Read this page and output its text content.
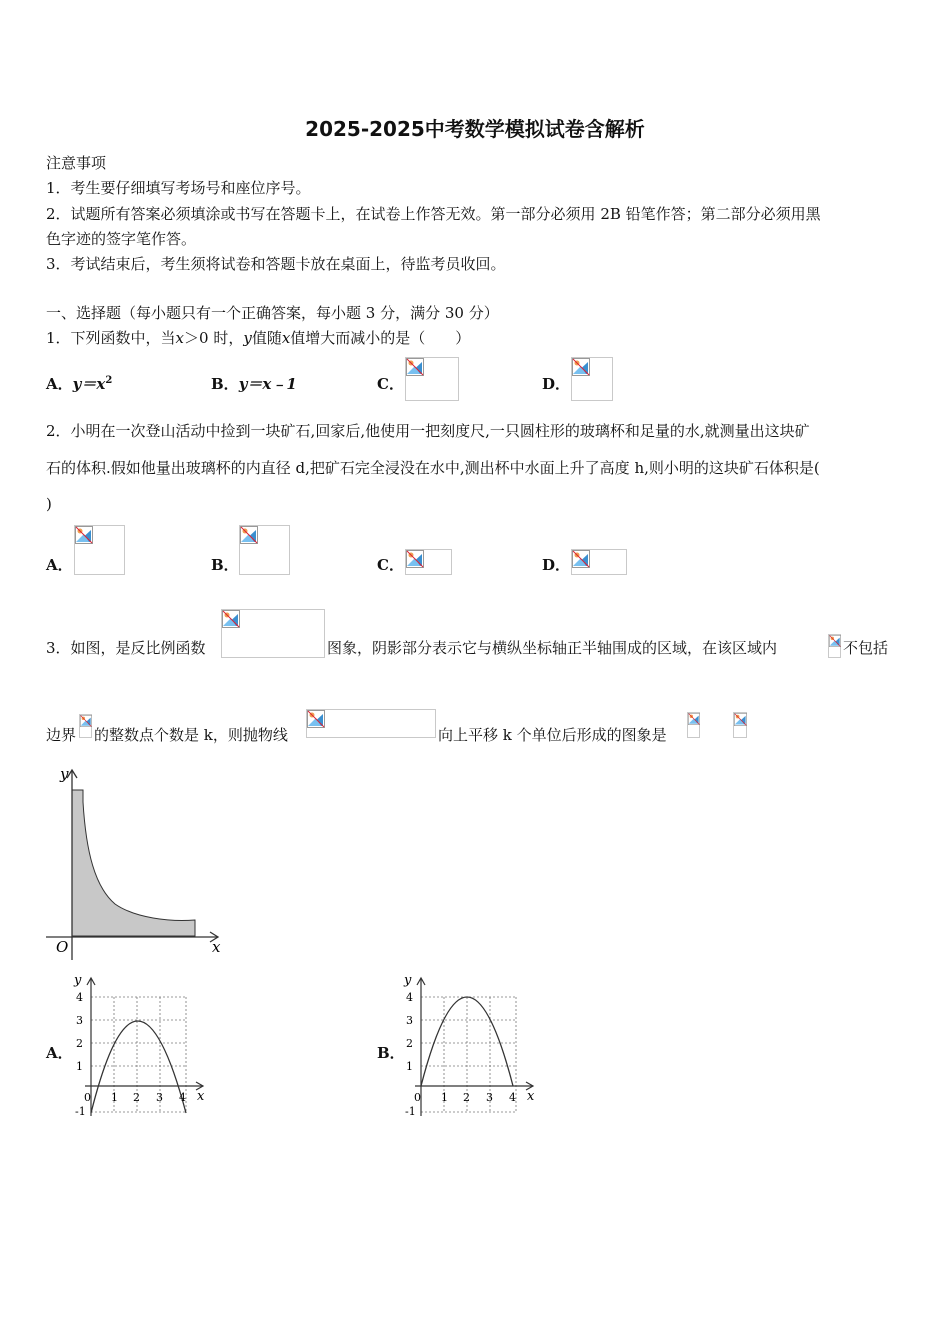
2025-2025中考数学模拟试卷含解析
注意事项
1．考生要仔细填写考场号和座位序号。
2．试题所有答案必须填涂或书写在答题卡上，在试卷上作答无效。第一部分必须用 2B 铅笔作答；第二部分必须用黑
色字迹的签字笔作答。
3．考试结束后，考生须将试卷和答题卡放在桌面上，待监考员收回。
一、选择题（每小题只有一个正确答案，每小题 3 分，满分 30 分）
1．下列函数中，当x＞0 时，y值随x值增大而减小的是（　　）
A．$y=x^2$	B．y＝x﹣1	C．	D．
2．小明在一次登山活动中捡到一块矿石,回家后,他使用一把刻度尺,一只圆柱形的玻璃杯和足量的水,就测量出这块矿
石的体积.假如他量出玻璃杯的内直径 d,把矿石完全浸没在水中,测出杯中水面上升了高度 h,则小明的这块矿石体积是(
)
A．	B．	C．	D．
3．如图，是反比例函数	图象，阴影部分表示它与横纵坐标轴正半轴围成的区域，在该区域内	不包括
边界 的整数点个数是 k，则抛物线	向上平移 k 个单位后形成的图象是
y
x
O
A．
y
x
4
3
2
1
-1
0 1 2 3 4
B．
y
x
4
3
2
1
-1
0 1 2 3 4
